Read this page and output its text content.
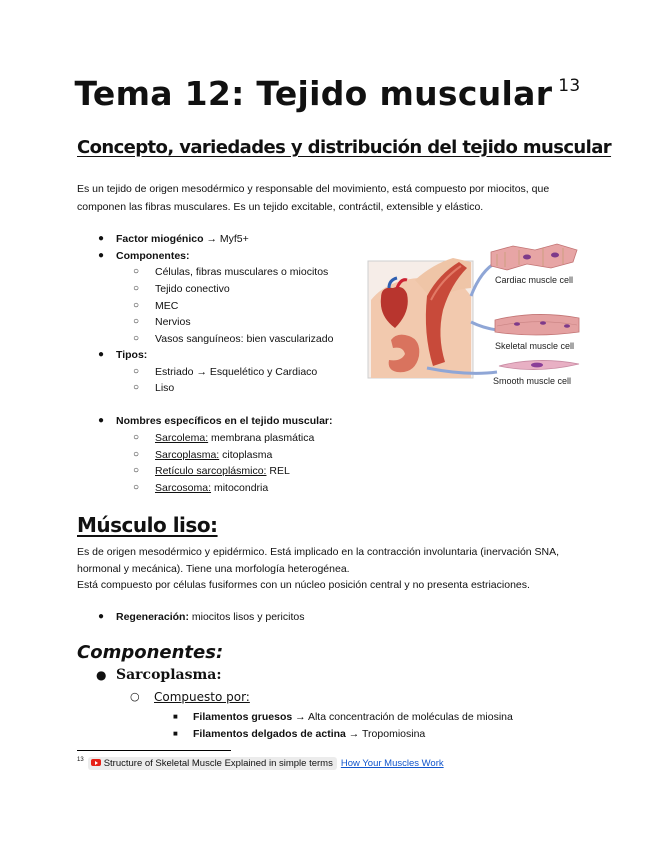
Tema 12: Tejido muscular $^{13}$
Concepto, variedades y distribución del tejido muscular
Es un tejido de origen mesodérmico y responsable del movimiento, está compuesto por miocitos, que
componen las fibras musculares. Es un tejido excitable, contráctil, extensible y elástico.
● Factor miogénico → Myf5+
● Componentes:
○ Células, fibras musculares o miocitos
○ Tejido conectivo
○ MEC
○ Nervios
○ Vasos sanguíneos: bien vascularizado
● Tipos:
○ Estriado → Esquelético y Cardiaco
○ Liso
● Nombres específicos en el tejido muscular:
○ Sarcolema: membrana plasmática
○ Sarcoplasma: citoplasma
○ Retículo sarcoplásmico: REL
○ Sarcosoma: mitocondria
Cardiac muscle cell
Skeletal muscle cell
Smooth muscle cell
Músculo liso:
Es de origen mesodérmico y epidérmico. Está implicado en la contracción involuntaria (inervación SNA,
hormonal y mecánica). Tiene una morfología heterogénea.
Está compuesto por células fusiformes con un núcleo posición central y no presenta estriaciones.
● Regeneración: miocitos lisos y pericitos
Componentes:
● Sarcoplasma:
○ Compuesto por:
■ Filamentos gruesos → Alta concentración de moléculas de miosina
■ Filamentos delgados de actina → Tropomiosina
$^{13}$ Structure of Skeletal Muscle Explained in simple terms How Your Muscles Work
